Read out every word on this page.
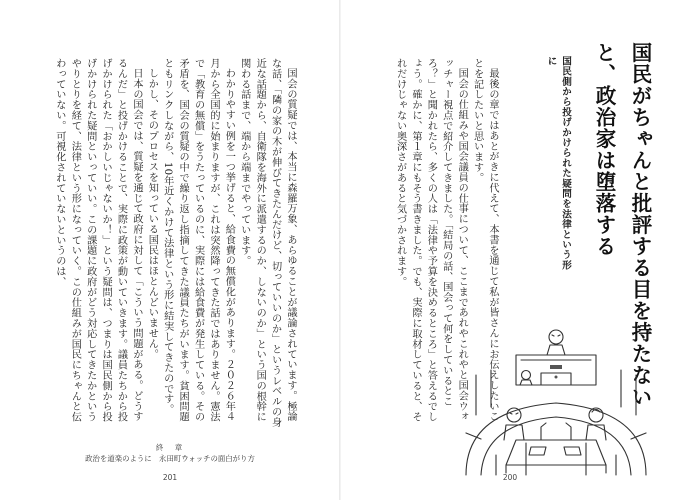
国会の質疑では、本当に森羅万象、あらゆることが議論されています。極論な話、「隣の家の木が伸びてきたんだけど、切っていいのか」というレベルの身近な話題から、自衛隊を海外に派遣するのか、しないのか」という国の根幹に関わる話まで、端から端までやっています。

わかりやすい例を一つ挙げると、給食費の無償化があります。２０２６年４月から全国的に始まりますが、これは突然降ってきた話ではありません。憲法で「教育の無償」をうたっているのに、実際には給食費が発生している。その矛盾を、国会の質疑の中で繰り返し指摘してきた議員たちがいます。貧困問題ともリンクしながら、10年近くかけて法律という形に結実してきたのです。

しかし、そのプロセスを知っている国民はほとんどいません。

日本の国会では、質疑を通じて政府に対して「こういう問題がある。どうするんだ」と投げかけることで、実際に政策が動いていきます。議員たちから投げかけられた「おかしいじゃないか！」という疑問は、つまりは国民側から投げかけられた疑問といっていい。この課題に政府がどう対応してきたかというやりとりを経て、法律という形になっていく。この仕組みが国民にちゃんと伝わっていない。可視化されていないというのは、

終　章
政治を道楽のように　永田町ウォッチの面白がり方
201
国民がちゃんと批評する目を持たないと、政治家は堕落する
国民側から投げかけられた疑問を法律という形に

最後の章ではあとがきに代えて、本書を通じて私が皆さんにお伝えしたいことを記したいと思います。

国会の仕組みや国会議員の仕事について、ここまであれやこれやと国会ウォッチャー視点で紹介してきました。「結局の話、国会って何をしているところ？」と聞かれたら、多くの人は「法律や予算を決めるところ」と答えるでしょう。確かに、第１章にもそう書きました。でも、実際に取材していると、それだけじゃない奥深さがあると気づかされます。

200
